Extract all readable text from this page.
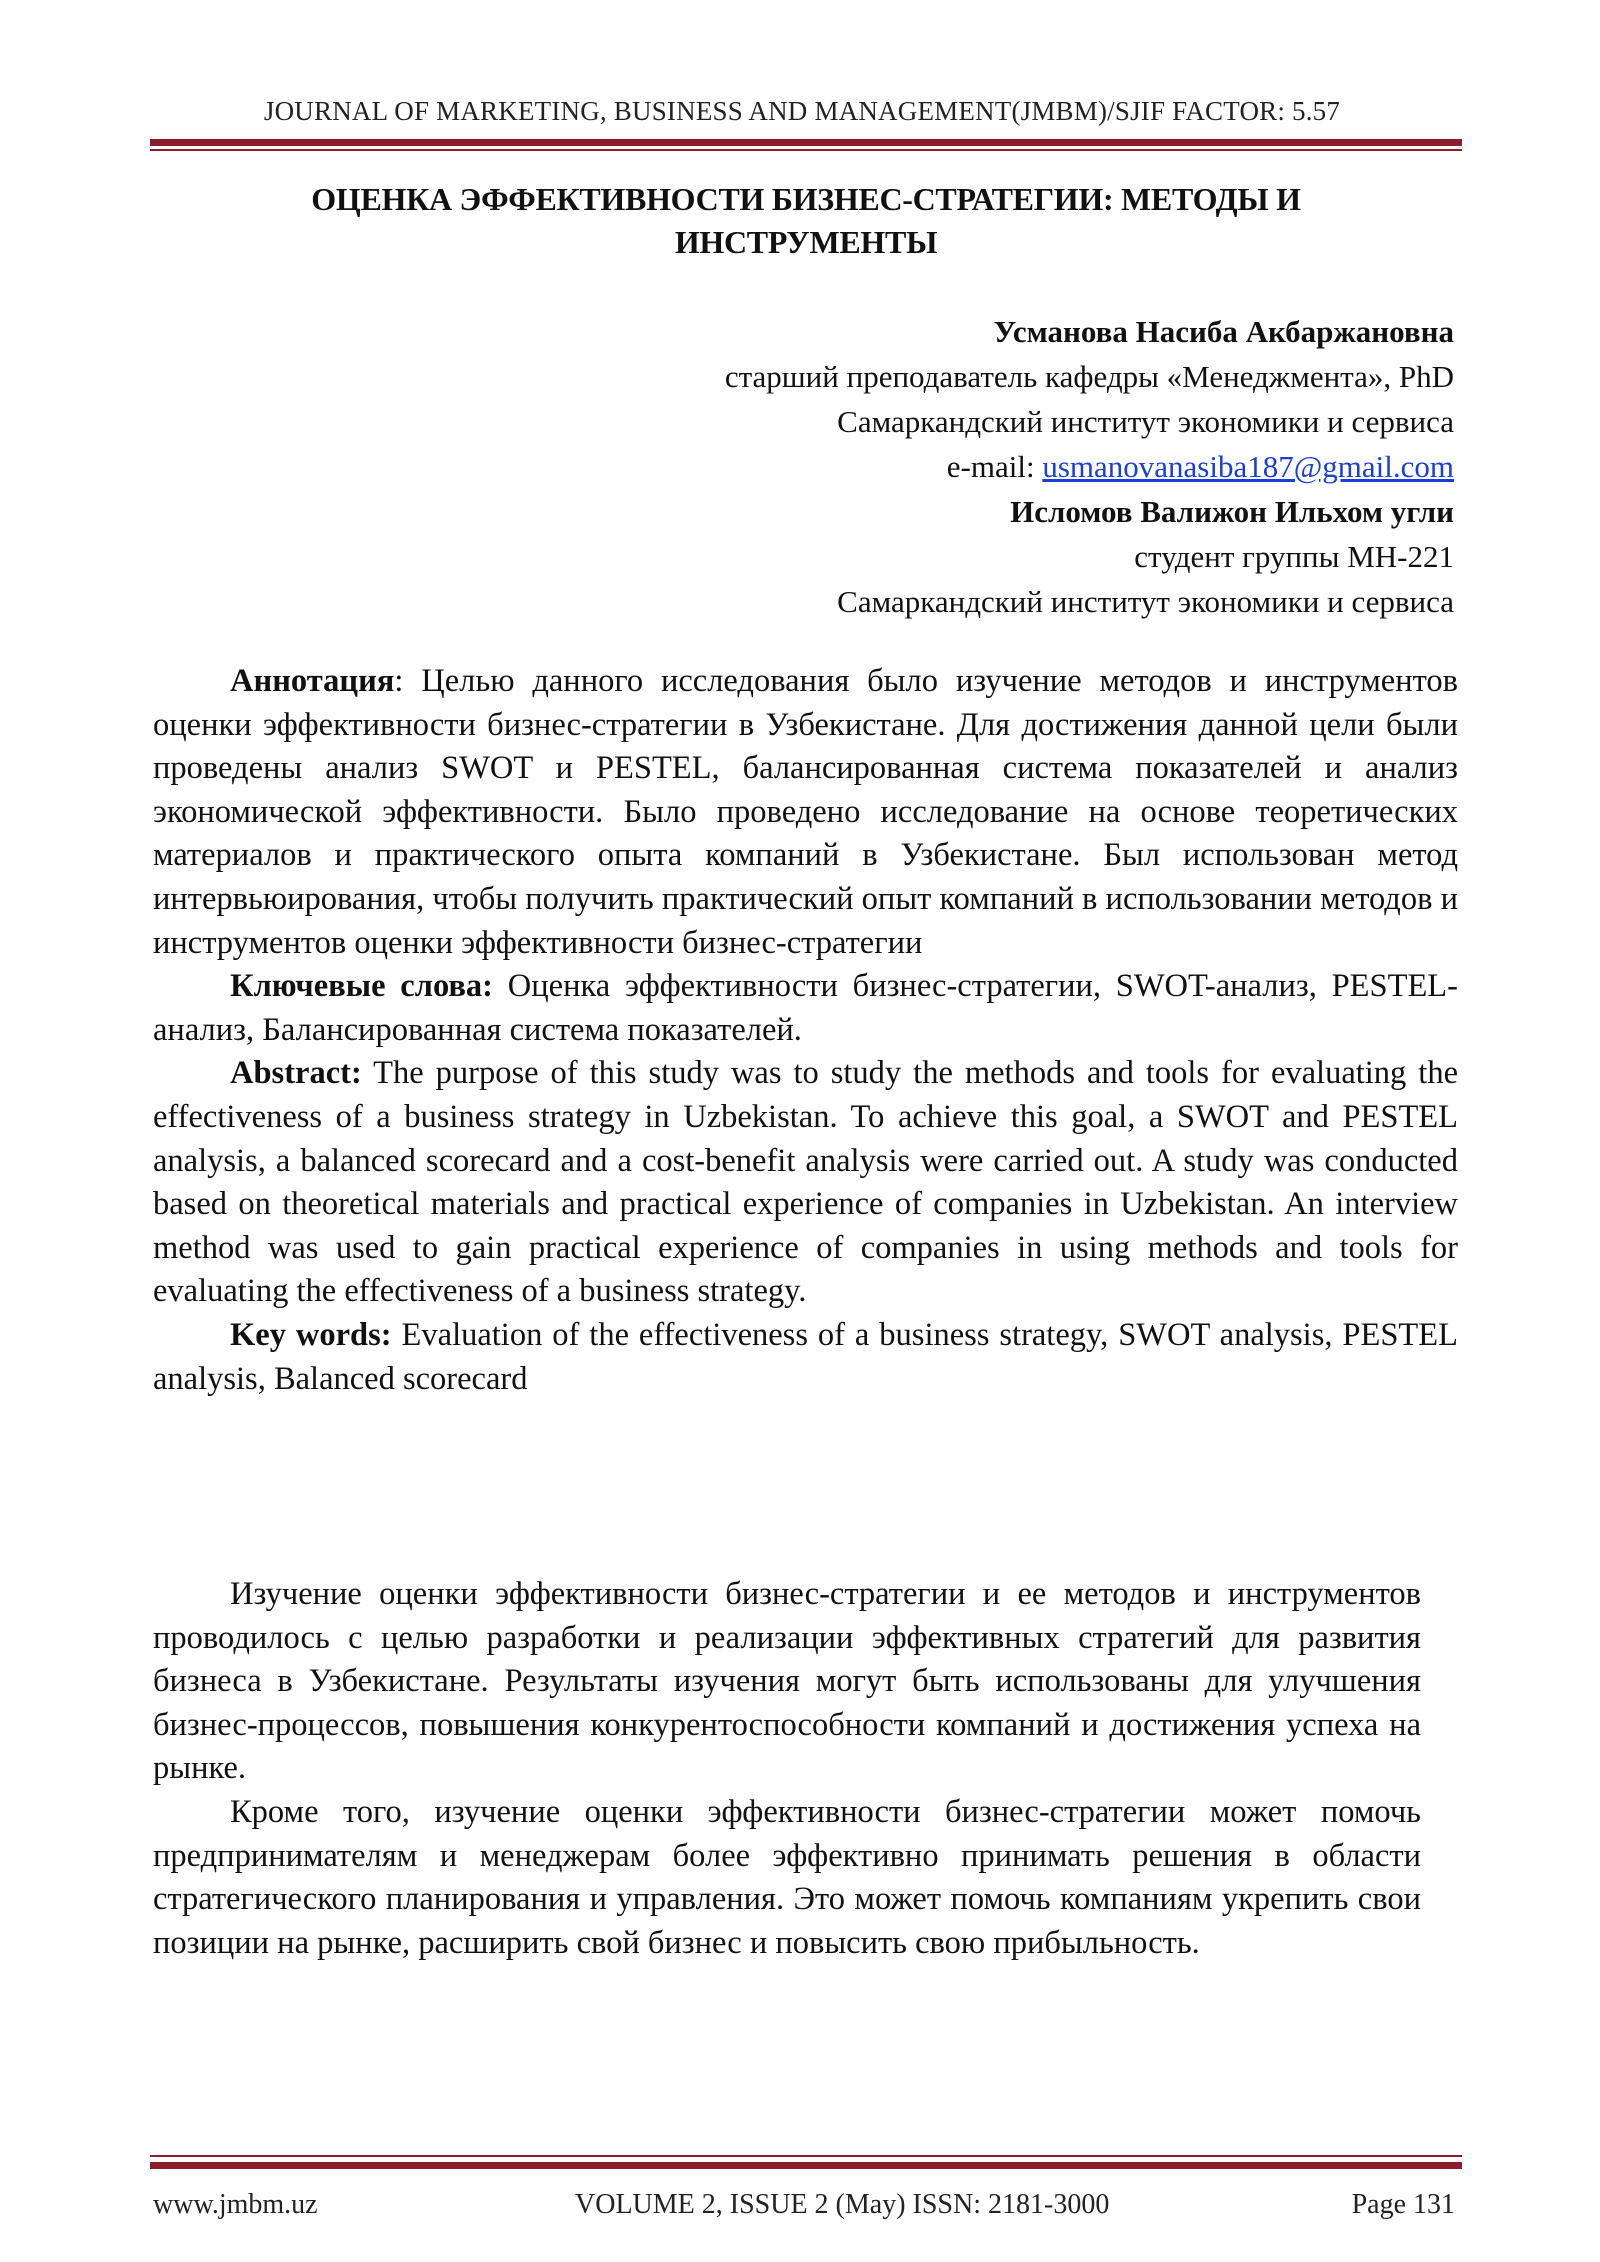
JOURNAL OF MARKETING, BUSINESS AND MANAGEMENT(JMBM)/SJIF FACTOR: 5.57
ОЦЕНКА ЭФФЕКТИВНОСТИ БИЗНЕС-СТРАТЕГИИ: МЕТОДЫ И
ИНСТРУМЕНТЫ
Усманова Насиба Акбаржановна
старший преподаватель кафедры «Менеджмента», PhD
Самаркандский институт экономики и сервиса
e-mail: usmanovanasiba187@gmail.com
Исломов Валижон Ильхом угли
студент группы МН-221
Самаркандский институт экономики и сервиса

Аннотация: Целью данного исследования было изучение методов и инструментов оценки эффективности бизнес-стратегии в Узбекистане. Для достижения данной цели были проведены анализ SWOT и PESTEL, балансированная система показателей и анализ экономической эффективности. Было проведено исследование на основе теоретических материалов и практического опыта компаний в Узбекистане. Был использован метод интервьюирования, чтобы получить практический опыт компаний в использовании методов и инструментов оценки эффективности бизнес-стратегии

Ключевые слова: Оценка эффективности бизнес-стратегии, SWOT-анализ, PESTEL-анализ, Балансированная система показателей.

Abstract: The purpose of this study was to study the methods and tools for evaluating the effectiveness of a business strategy in Uzbekistan. To achieve this goal, a SWOT and PESTEL analysis, a balanced scorecard and a cost-benefit analysis were carried out. A study was conducted based on theoretical materials and practical experience of companies in Uzbekistan. An interview method was used to gain practical experience of companies in using methods and tools for evaluating the effectiveness of a business strategy.

Key words: Evaluation of the effectiveness of a business strategy, SWOT analysis, PESTEL analysis, Balanced scorecard

Изучение оценки эффективности бизнес-стратегии и ее методов и инструментов проводилось с целью разработки и реализации эффективных стратегий для развития бизнеса в Узбекистане. Результаты изучения могут быть использованы для улучшения бизнес-процессов, повышения конкурентоспособности компаний и достижения успеха на рынке.

Кроме того, изучение оценки эффективности бизнес-стратегии может помочь предпринимателям и менеджерам более эффективно принимать решения в области стратегического планирования и управления. Это может помочь компаниям укрепить свои позиции на рынке, расширить свой бизнес и повысить свою прибыльность.

www.jmbm.uz	VOLUME 2, ISSUE 2 (May) ISSN: 2181-3000	Page 131
